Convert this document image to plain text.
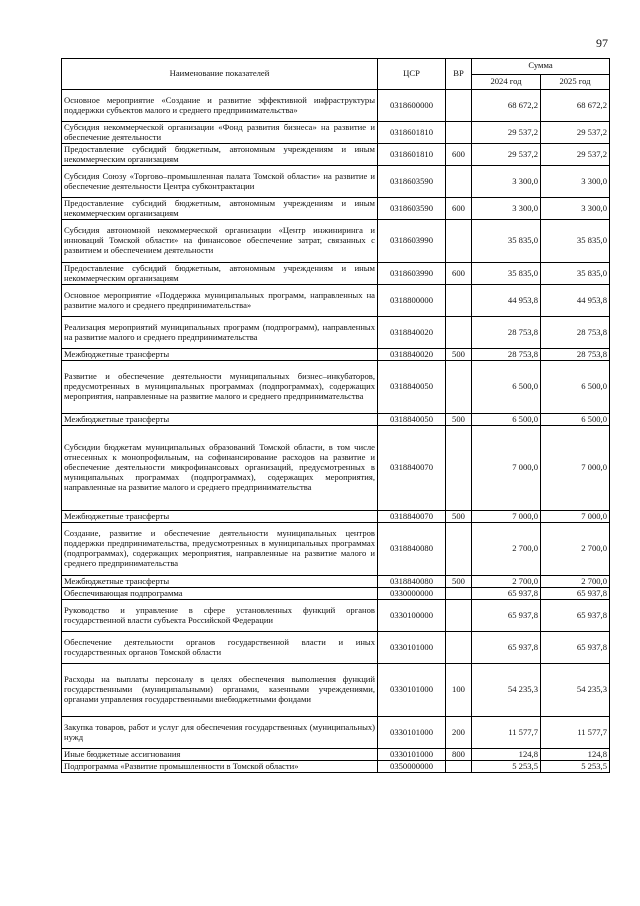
97
Наименование показателей	ЦСР	ВР	Сумма	
			2024 год	2025 год
Основное мероприятие «Создание и развитие эффективной инфраструктуры поддержки субъектов малого и среднего предпринимательства»	0318600000		68 672,2	68 672,2
Субсидия некоммерческой организации «Фонд развития бизнеса» на развитие и обеспечение деятельности	0318601810		29 537,2	29 537,2
Предоставление субсидий бюджетным, автономным учреждениям и иным некоммерческим организациям	0318601810	600	29 537,2	29 537,2
Субсидия Союзу «Торгово–промышленная палата Томской области» на развитие и обеспечение деятельности Центра субконтрактации	0318603590		3 300,0	3 300,0
Предоставление субсидий бюджетным, автономным учреждениям и иным некоммерческим организациям	0318603590	600	3 300,0	3 300,0
Субсидия автономной некоммерческой организации «Центр инжиниринга и инноваций Томской области» на финансовое обеспечение затрат, связанных с развитием и обеспечением деятельности	0318603990		35 835,0	35 835,0
Предоставление субсидий бюджетным, автономным учреждениям и иным некоммерческим организациям	0318603990	600	35 835,0	35 835,0
Основное мероприятие «Поддержка муниципальных программ, направленных на развитие малого и среднего предпринимательства»	0318800000		44 953,8	44 953,8
Реализация мероприятий муниципальных программ (подпрограмм), направленных на развитие малого и среднего предпринимательства	0318840020		28 753,8	28 753,8
Межбюджетные трансферты	0318840020	500	28 753,8	28 753,8
Развитие и обеспечение деятельности муниципальных бизнес–инкубаторов, предусмотренных в муниципальных программах (подпрограммах), содержащих мероприятия, направленные на развитие малого и среднего предпринимательства	0318840050		6 500,0	6 500,0
Межбюджетные трансферты	0318840050	500	6 500,0	6 500,0
Субсидии бюджетам муниципальных образований Томской области, в том числе отнесенных к монопрофильным, на софинансирование расходов на развитие и обеспечение деятельности микрофинансовых организаций, предусмотренных в муниципальных программах (подпрограммах), содержащих мероприятия, направленные на развитие малого и среднего предпринимательства	0318840070		7 000,0	7 000,0
Межбюджетные трансферты	0318840070	500	7 000,0	7 000,0
Создание, развитие и обеспечение деятельности муниципальных центров поддержки предпринимательства, предусмотренных в муниципальных программах (подпрограммах), содержащих мероприятия, направленные на развитие малого и среднего предпринимательства	0318840080		2 700,0	2 700,0
Межбюджетные трансферты	0318840080	500	2 700,0	2 700,0
Обеспечивающая подпрограмма	0330000000		65 937,8	65 937,8
Руководство и управление в сфере установленных функций органов государственной власти субъекта Российской Федерации	0330100000		65 937,8	65 937,8
Обеспечение деятельности органов государственной власти и иных государственных органов Томской области	0330101000		65 937,8	65 937,8
Расходы на выплаты персоналу в целях обеспечения выполнения функций государственными (муниципальными) органами, казенными учреждениями, органами управления государственными внебюджетными фондами	0330101000	100	54 235,3	54 235,3
Закупка товаров, работ и услуг для обеспечения государственных (муниципальных) нужд	0330101000	200	11 577,7	11 577,7
Иные бюджетные ассигнования	0330101000	800	124,8	124,8
Подпрограмма «Развитие промышленности в Томской области»	0350000000		5 253,5	5 253,5
